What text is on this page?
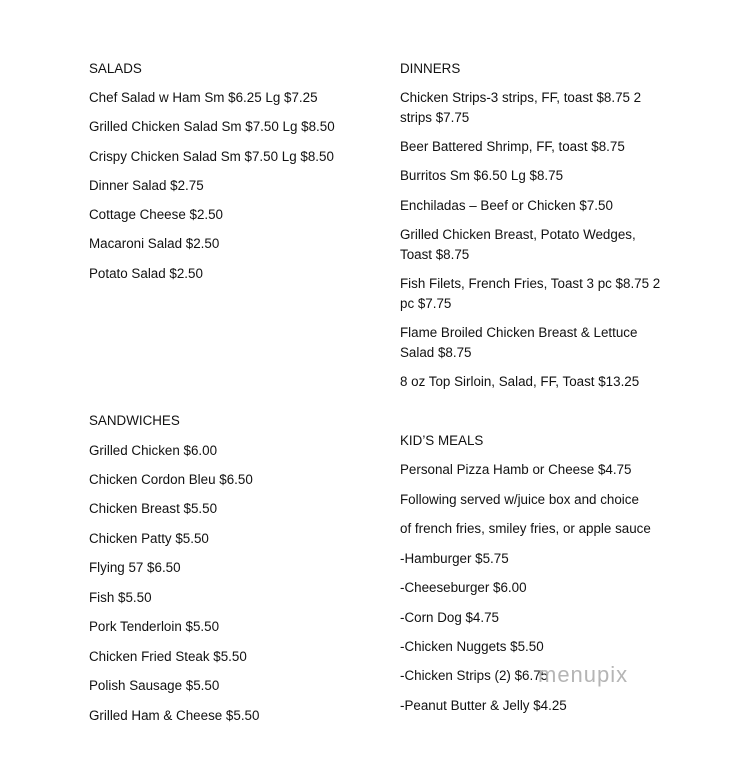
SALADS
Chef Salad w Ham Sm $6.25 Lg $7.25
Grilled Chicken Salad Sm $7.50 Lg $8.50
Crispy Chicken Salad Sm $7.50 Lg $8.50
Dinner Salad $2.75
Cottage Cheese $2.50
Macaroni Salad $2.50
Potato Salad $2.50
SANDWICHES
Grilled Chicken $6.00
Chicken Cordon Bleu $6.50
Chicken Breast $5.50
Chicken Patty $5.50
Flying 57 $6.50
Fish $5.50
Pork Tenderloin $5.50
Chicken Fried Steak $5.50
Polish Sausage $5.50
Grilled Ham & Cheese $5.50
DINNERS
Chicken Strips-3 strips, FF, toast $8.75 2 strips $7.75
Beer Battered Shrimp, FF, toast $8.75
Burritos Sm $6.50 Lg $8.75
Enchiladas – Beef or Chicken $7.50
Grilled Chicken Breast, Potato Wedges, Toast $8.75
Fish Filets, French Fries, Toast 3 pc $8.75 2 pc $7.75
Flame Broiled Chicken Breast & Lettuce Salad $8.75
8 oz Top Sirloin, Salad, FF, Toast $13.25
KID’S MEALS
Personal Pizza Hamb or Cheese $4.75
Following served w/juice box and choice
of french fries, smiley fries, or apple sauce
-Hamburger $5.75
-Cheeseburger $6.00
-Corn Dog $4.75
-Chicken Nuggets $5.50
-Chicken Strips (2) $6.75
-Peanut Butter & Jelly $4.25
menupix
